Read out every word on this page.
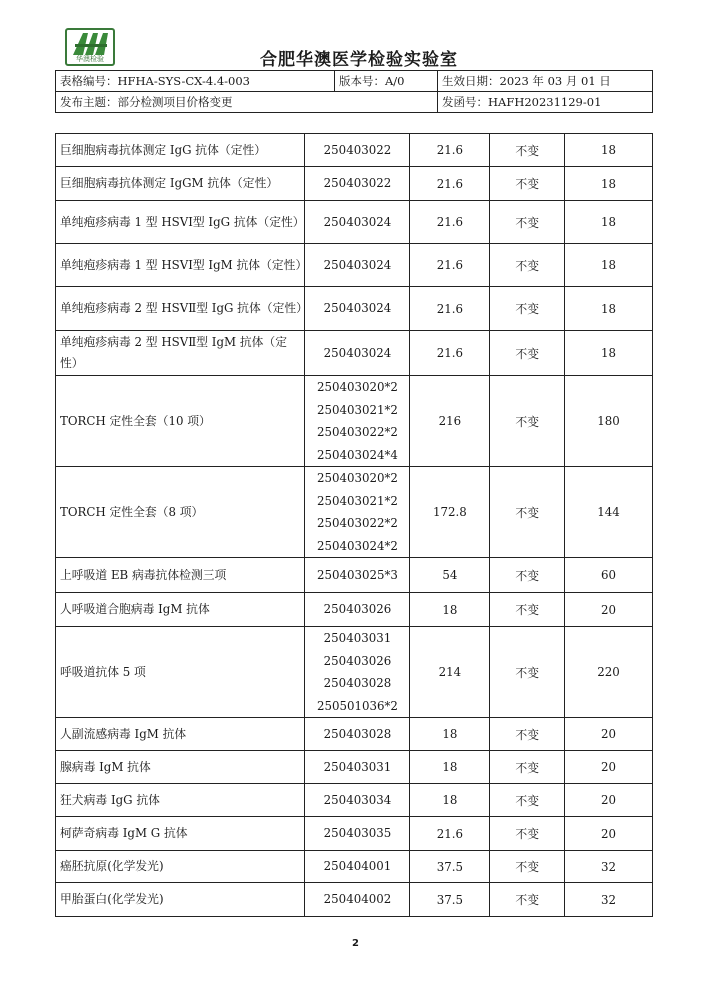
华澳检验	合肥华澳医学检验实验室
表格编号：HFHA-SYS-CX-4.4-003	版本号：A/0	生效日期：2023 年 03 月 01 日
发布主题：部分检测项目价格变更		发函号：HAFH20231129-01
巨细胞病毒抗体测定 IgG 抗体（定性）	250403022	21.6	不变	18
巨细胞病毒抗体测定 IgGM 抗体（定性）	250403022	21.6	不变	18
单纯疱疹病毒 1 型 HSVⅠ型 IgG 抗体（定性）	250403024	21.6	不变	18
单纯疱疹病毒 1 型 HSVⅠ型 IgM 抗体（定性）	250403024	21.6	不变	18
单纯疱疹病毒 2 型 HSVⅡ型 IgG 抗体（定性）	250403024	21.6	不变	18
单纯疱疹病毒 2 型 HSVⅡ型 IgM 抗体（定性）	250403024	21.6	不变	18
TORCH 定性全套（10 项）	250403020*2
250403021*2
250403022*2
250403024*4	216	不变	180
TORCH 定性全套（8 项）	250403020*2
250403021*2
250403022*2
250403024*2	172.8	不变	144
上呼吸道 EB 病毒抗体检测三项	250403025*3	54	不变	60
人呼吸道合胞病毒 IgM 抗体	250403026	18	不变	20
呼吸道抗体 5 项	250403031
250403026
250403028
250501036*2	214	不变	220
人副流感病毒 IgM 抗体	250403028	18	不变	20
腺病毒 IgM 抗体	250403031	18	不变	20
狂犬病毒 IgG 抗体	250403034	18	不变	20
柯萨奇病毒 IgM G 抗体	250403035	21.6	不变	20
癌胚抗原(化学发光)	250404001	37.5	不变	32
甲胎蛋白(化学发光)	250404002	37.5	不变	32
2
